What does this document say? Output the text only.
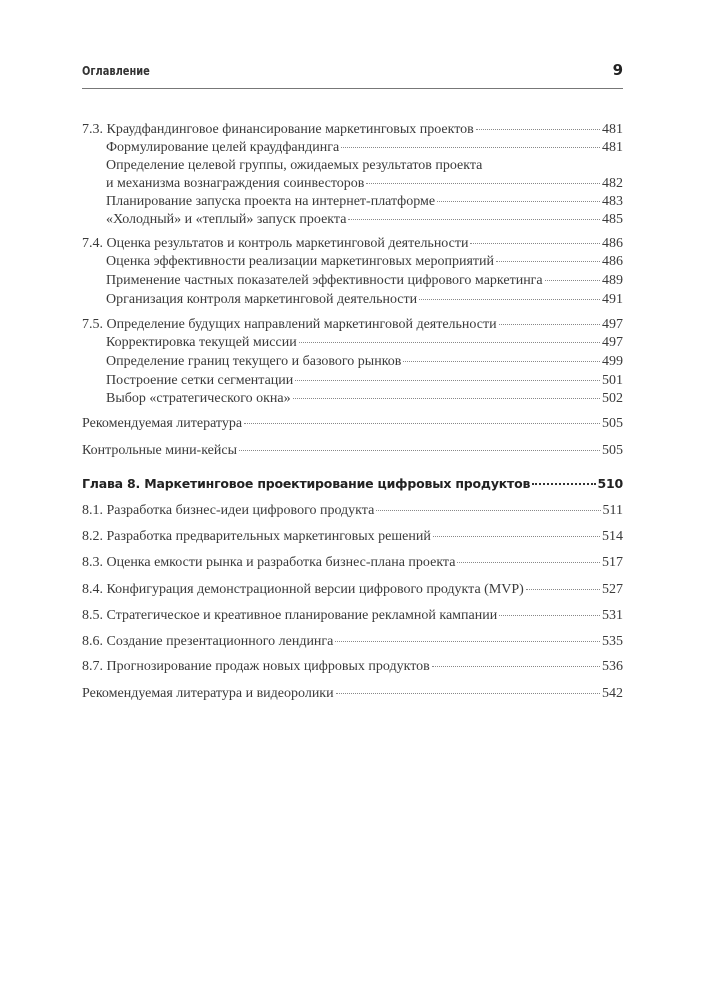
Оглавление	9
7.3. Краудфандинговое финансирование маркетинговых проектов	481
Формулирование целей краудфандинга	481
Определение целевой группы, ожидаемых результатов проекта
и механизма вознаграждения соинвесторов	482
Планирование запуска проекта на интернет-платформе	483
«Холодный» и «теплый» запуск проекта	485
7.4. Оценка результатов и контроль маркетинговой деятельности	486
Оценка эффективности реализации маркетинговых мероприятий	486
Применение частных показателей эффективности цифрового маркетинга	489
Организация контроля маркетинговой деятельности	491
7.5. Определение будущих направлений маркетинговой деятельности	497
Корректировка текущей миссии	497
Определение границ текущего и базового рынков	499
Построение сетки сегментации	501
Выбор «стратегического окна»	502
Рекомендуемая литература	505
Контрольные мини-кейсы	505
Глава 8. Маркетинговое проектирование цифровых продуктов	510
8.1. Разработка бизнес-идеи цифрового продукта	511
8.2. Разработка предварительных маркетинговых решений	514
8.3. Оценка емкости рынка и разработка бизнес-плана проекта	517
8.4. Конфигурация демонстрационной версии цифрового продукта (MVP)	527
8.5. Стратегическое и креативное планирование рекламной кампании	531
8.6. Создание презентационного лендинга	535
8.7. Прогнозирование продаж новых цифровых продуктов	536
Рекомендуемая литература и видеоролики	542
